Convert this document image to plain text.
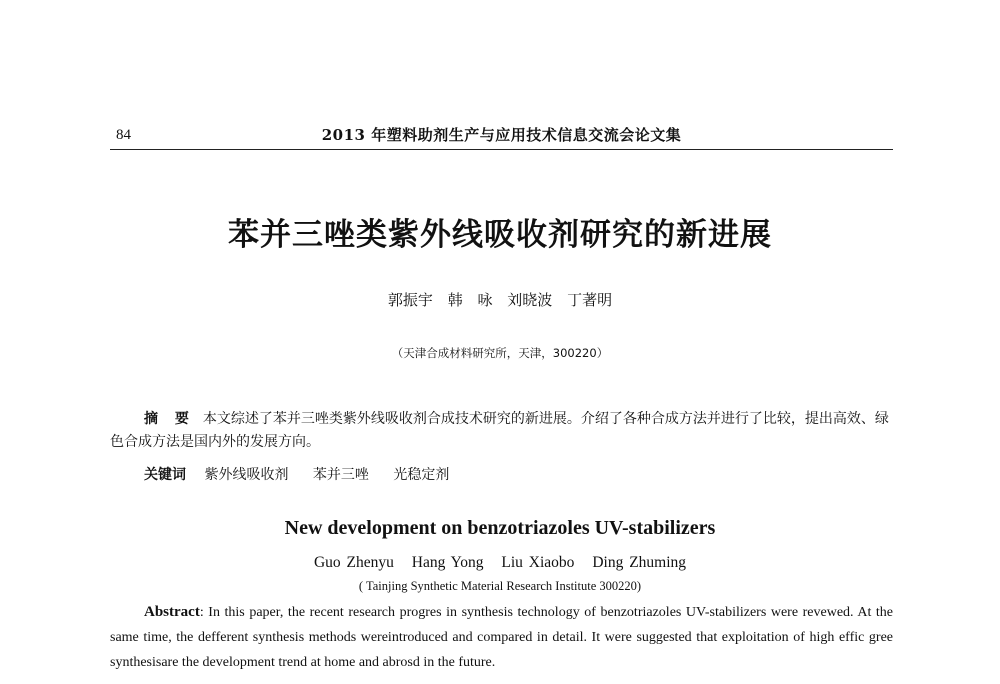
84	2013 年塑料助剂生产与应用技术信息交流会论文集
苯并三唑类紫外线吸收剂研究的新进展
郭振宇 韩 咏 刘晓波 丁著明
（天津合成材料研究所，天津，300220）
摘 要 本文综述了苯并三唑类紫外线吸收剂合成技术研究的新进展。介绍了各种合成方法并进行了比较，提出高效、绿色合成方法是国内外的发展方向。
关键词 紫外线吸收剂 苯并三唑 光稳定剂
New development on benzotriazoles UV-stabilizers
Guo Zhenyu Hang Yong Liu Xiaobo Ding Zhuming
( Tainjing Synthetic Material Research Institute 300220)
Abstract: In this paper, the recent research progres in synthesis technology of benzotriazoles UV-stabilizers were revewed. At the same time, the defferent synthesis methods wereintroduced and compared in detail. It were suggested that exploitation of high effic gree synthesisare the development trend at home and abrosd in the future.
